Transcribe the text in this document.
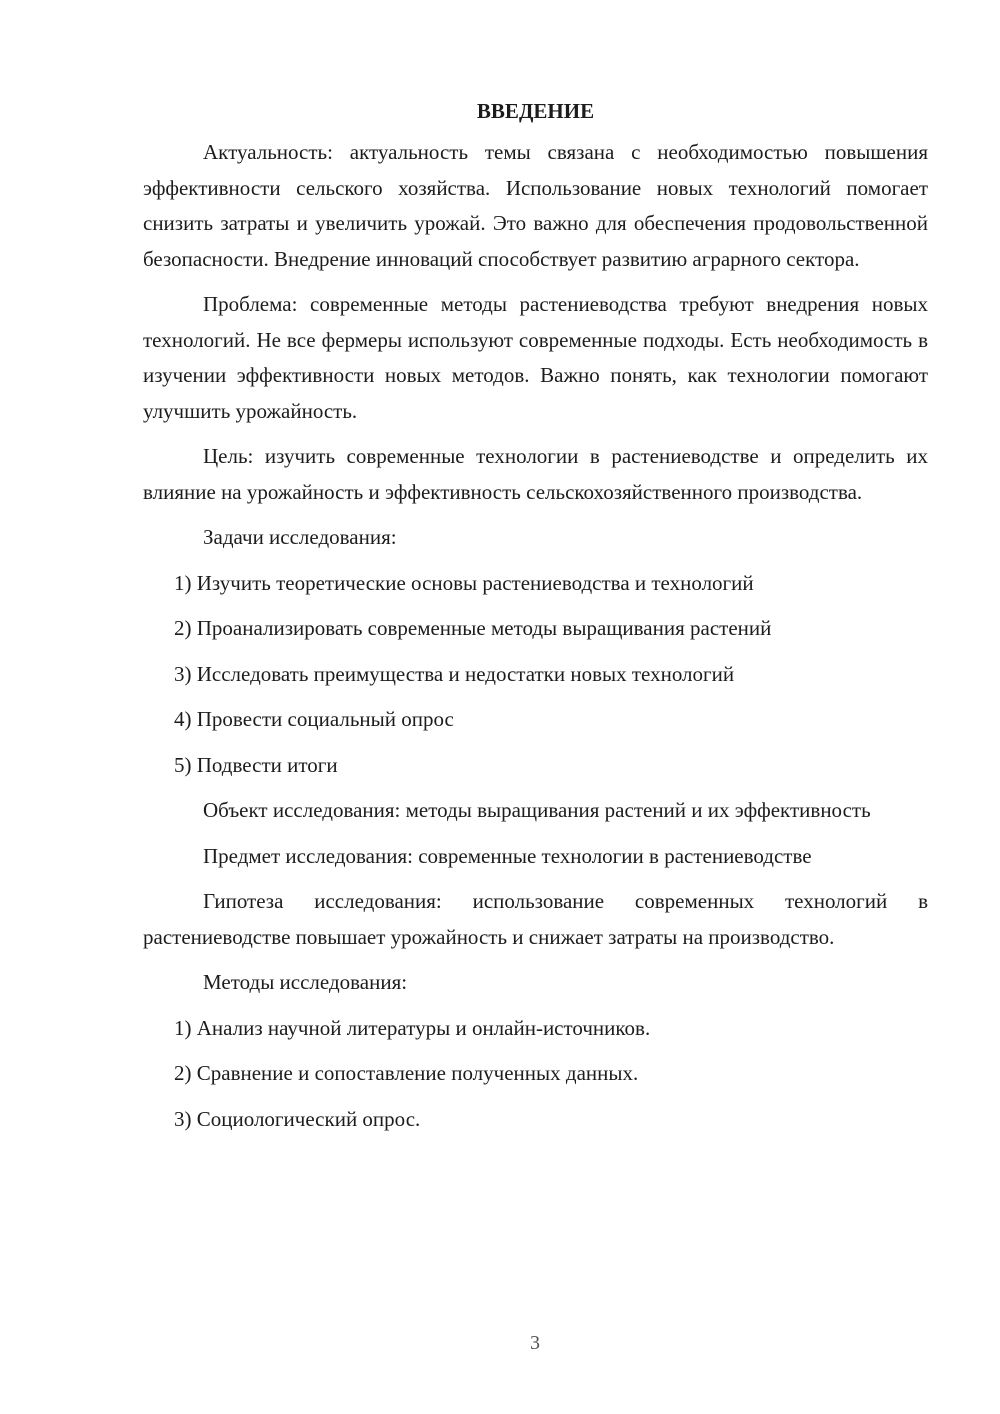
ВВЕДЕНИЕ

Актуальность: актуальность темы связана с необходимостью повышения эффективности сельского хозяйства. Использование новых технологий помогает снизить затраты и увеличить урожай. Это важно для обеспечения продовольственной безопасности. Внедрение инноваций способствует развитию аграрного сектора.

Проблема: современные методы растениеводства требуют внедрения новых технологий. Не все фермеры используют современные подходы. Есть необходимость в изучении эффективности новых методов. Важно понять, как технологии помогают улучшить урожайность.

Цель: изучить современные технологии в растениеводстве и определить их влияние на урожайность и эффективность сельскохозяйственного производства.

Задачи исследования:

1) Изучить теоретические основы растениеводства и технологий

2) Проанализировать современные методы выращивания растений

3) Исследовать преимущества и недостатки новых технологий

4) Провести социальный опрос

5) Подвести итоги

Объект исследования: методы выращивания растений и их эффективность

Предмет исследования: современные технологии в растениеводстве

Гипотеза исследования: использование современных технологий в растениеводстве повышает урожайность и снижает затраты на производство.

Методы исследования:

1) Анализ научной литературы и онлайн-источников.

2) Сравнение и сопоставление полученных данных.

3) Социологический опрос.

3
